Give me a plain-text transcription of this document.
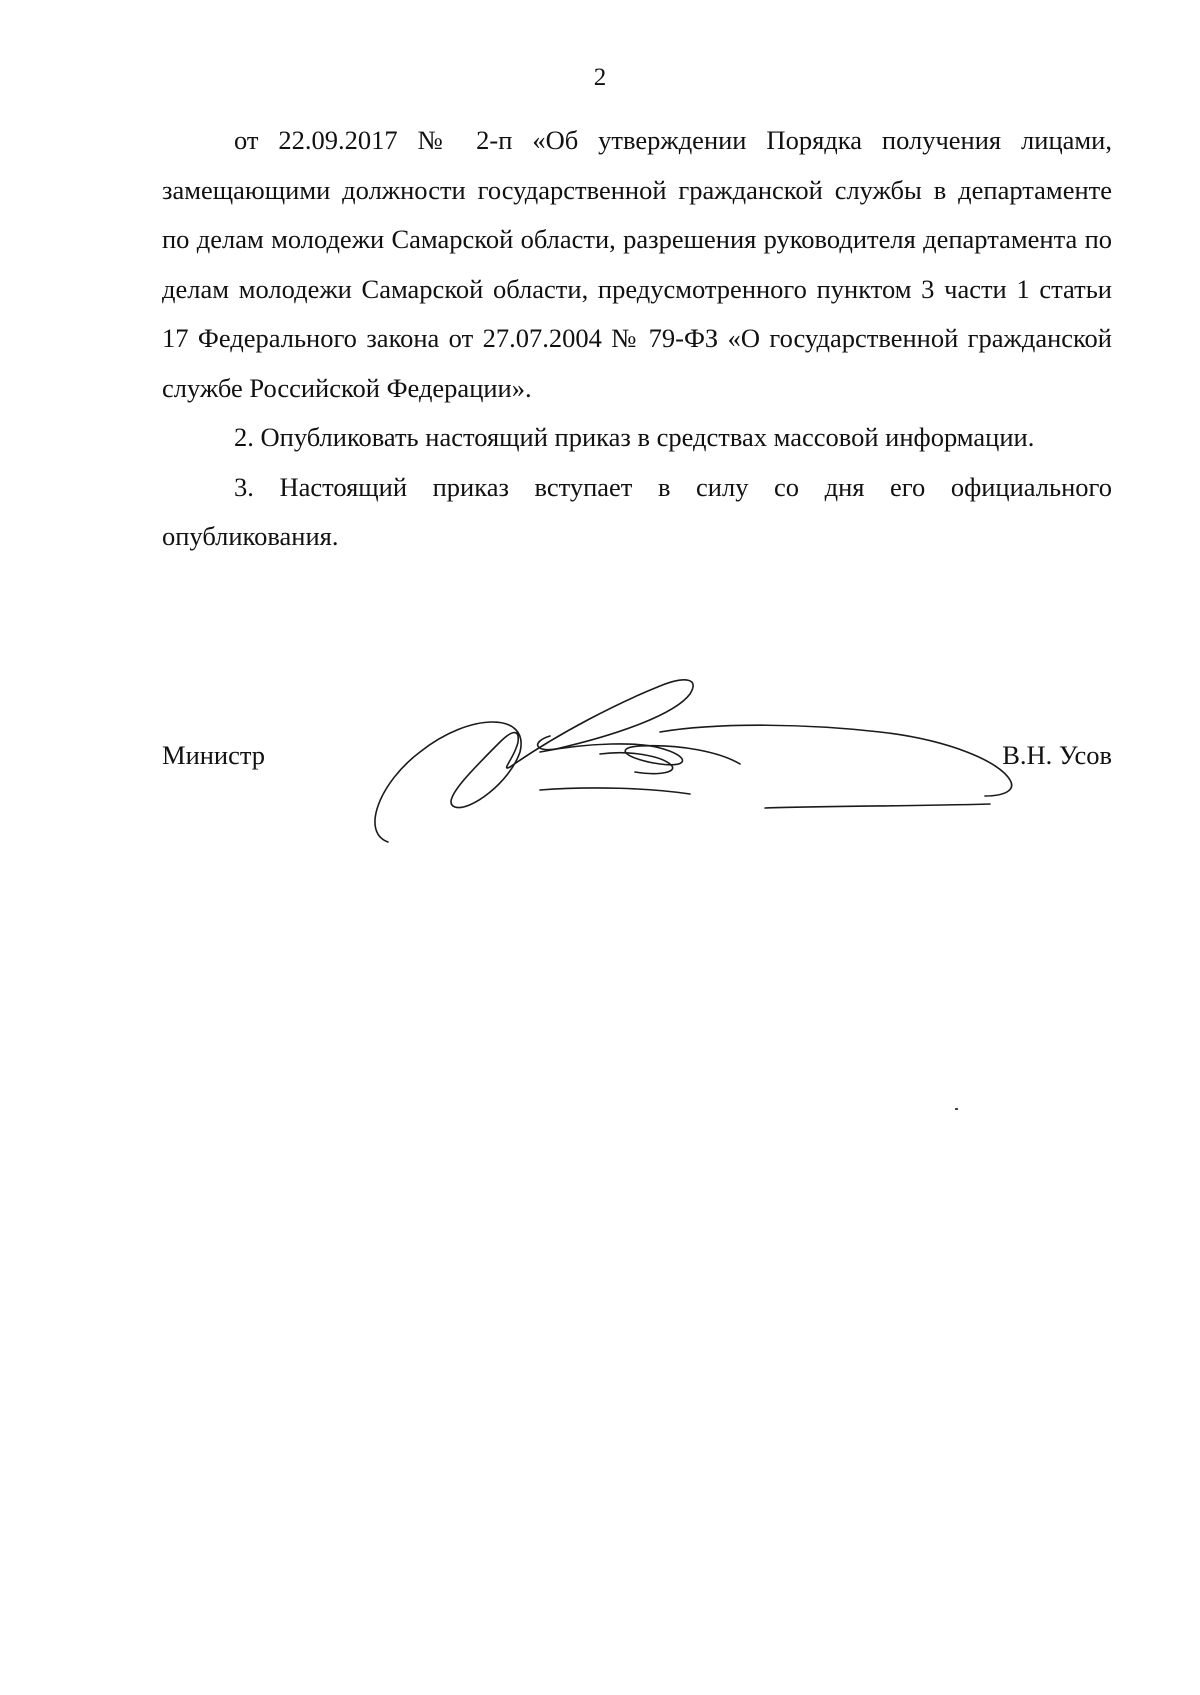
2

от 22.09.2017 № 2-п «Об утверждении Порядка получения лицами, замещающими должности государственной гражданской службы в департаменте по делам молодежи Самарской области, разрешения руководителя департамента по делам молодежи Самарской области, предусмотренного пунктом 3 части 1 статьи 17 Федерального закона от 27.07.2004 № 79-ФЗ «О государственной гражданской службе Российской Федерации».

2. Опубликовать настоящий приказ в средствах массовой информации.

3. Настоящий приказ вступает в силу со дня его официального опубликования.

Министр	В.Н. Усов
